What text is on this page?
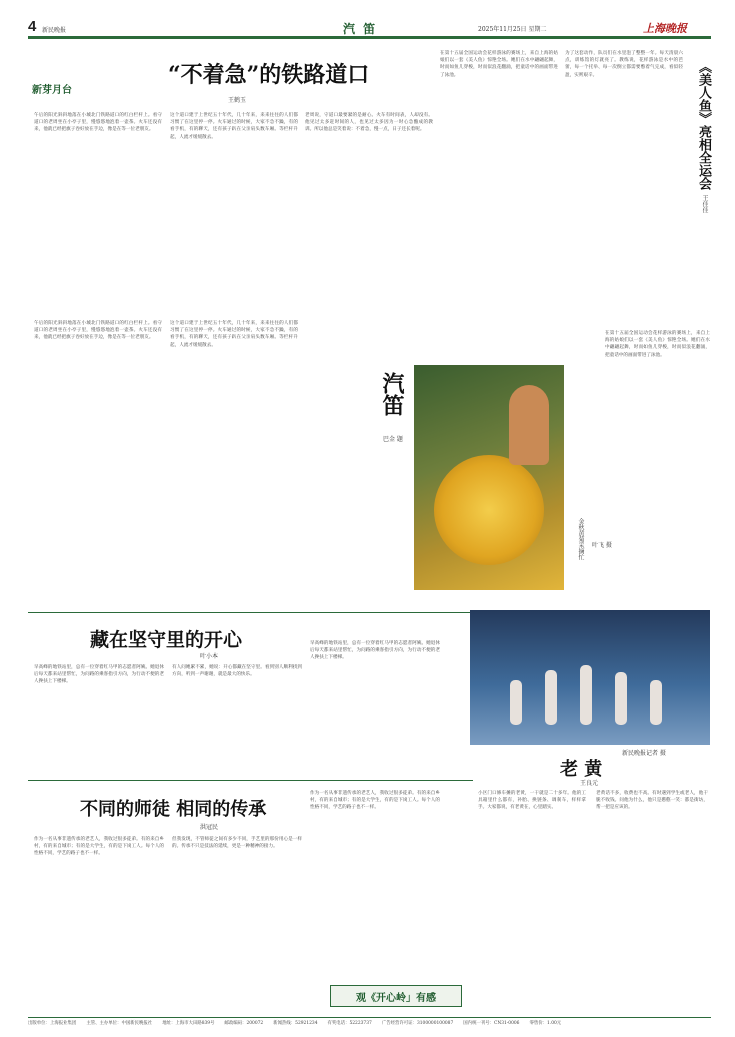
4 新民晚报	汽 笛	2025年11月25日 星期二	上海晚报
新芽月台
“不着急”的铁路道口
王鹤玉

午后的阳光斜斜地落在小城北门铁路道口的红白栏杆上。看守道口的老周坐在小亭子里，慢悠悠地泡着一壶茶。火车还没有来，他就已经把旗子卷好放在手边，像是在等一位老朋友。

这个道口建于上世纪五十年代，几十年来，来来往往的人们都习惯了在这里停一停。火车通过的时候，大家不急不躁，有的看手机，有的聊天，还有孩子趴在父亲肩头数车厢。等栏杆升起，人流才缓缓散去。

老周说，守道口最要紧的是耐心。火车有时间表，人却没有。他见过太多赶时间的人，也见过太多因为一时心急酿成的教训。所以他总是笑着说：不着急，慢一点，日子还长着呢。

汽笛
巴金 题
金秋黄菊采摘忙 叶飞 摄

午后的阳光斜斜地落在小城北门铁路道口的红白栏杆上。看守道口的老周坐在小亭子里，慢悠悠地泡着一壶茶。火车还没有来，他就已经把旗子卷好放在手边，像是在等一位老朋友。

这个道口建于上世纪五十年代，几十年来，来来往往的人们都习惯了在这里停一停。火车通过的时候，大家不急不躁，有的看手机，有的聊天，还有孩子趴在父亲肩头数车厢。等栏杆升起，人流才缓缓散去。

《美人鱼》亮相全运会
王佳佳

在第十五届全国运动会花样游泳的赛场上，来自上海的姑娘们以一套《美人鱼》惊艳全场。她们在水中翩翩起舞，时而如鱼儿穿梭，时而似浪花翻涌，把童话中的画面带进了泳池。

为了这套动作，队员们在水里泡了整整一年。每天清晨六点，训练馆的灯就亮了。教练说，花样游泳是水中的芭蕾，每一个托举、每一次倒立都需要憋着气完成，看似轻盈，实则艰辛。

在第十五届全国运动会花样游泳的赛场上，来自上海的姑娘们以一套《美人鱼》惊艳全场。她们在水中翩翩起舞，时而如鱼儿穿梭，时而似浪花翻涌，把童话中的画面带进了泳池。

藏在坚守里的开心
叶小本

早高峰的地铁站里，总有一位穿着红马甲的志愿者阿姨。她退休后每天都来站里帮忙，为问路的乘客指引方向，为行动不便的老人搀扶上下楼梯。

有人问她累不累，她说：开心都藏在坚守里。看到别人顺利找到方向，听到一声谢谢，就是最大的快乐。

早高峰的地铁站里，总有一位穿着红马甲的志愿者阿姨。她退休后每天都来站里帮忙，为问路的乘客指引方向，为行动不便的老人搀扶上下楼梯。

不同的师徒 相同的传承
洪冠民

作为一名从事非遗传承的老艺人，我收过很多徒弟。有的来自乡村，有的来自城市；有的是大学生，有的是下岗工人。每个人的性格不同，学艺的路子也不一样。

但我发现，不管师徒之间有多少不同，手艺里的那份用心是一样的。传承不只是技法的延续，更是一种精神的接力。

作为一名从事非遗传承的老艺人，我收过很多徒弟。有的来自乡村，有的来自城市；有的是大学生，有的是下岗工人。每个人的性格不同，学艺的路子也不一样。

观《开心岭」有感
新民晚报记者 摄
老 黄
王良元

小区门口修车摊的老黄，一干就是二十多年。他的工具箱里什么都有，补胎、换链条、调刹车，样样拿手。大家都说，有老黄在，心里踏实。

老黄话不多，收费也不高。有时遇到学生或老人，他干脆不收钱。问他为什么，他只是憨憨一笑：都是街坊，帮一把是应该的。

出版单位：上海报业集团 主管、主办单位：中国新民晚报社 地址：上海市大田路839号 邮政编码：200072 新闻热线：52921234 有奖电话：52223737 广告经营许可证：3100000100087 国内统一刊号：CN31-0006 零售价：1.00元
